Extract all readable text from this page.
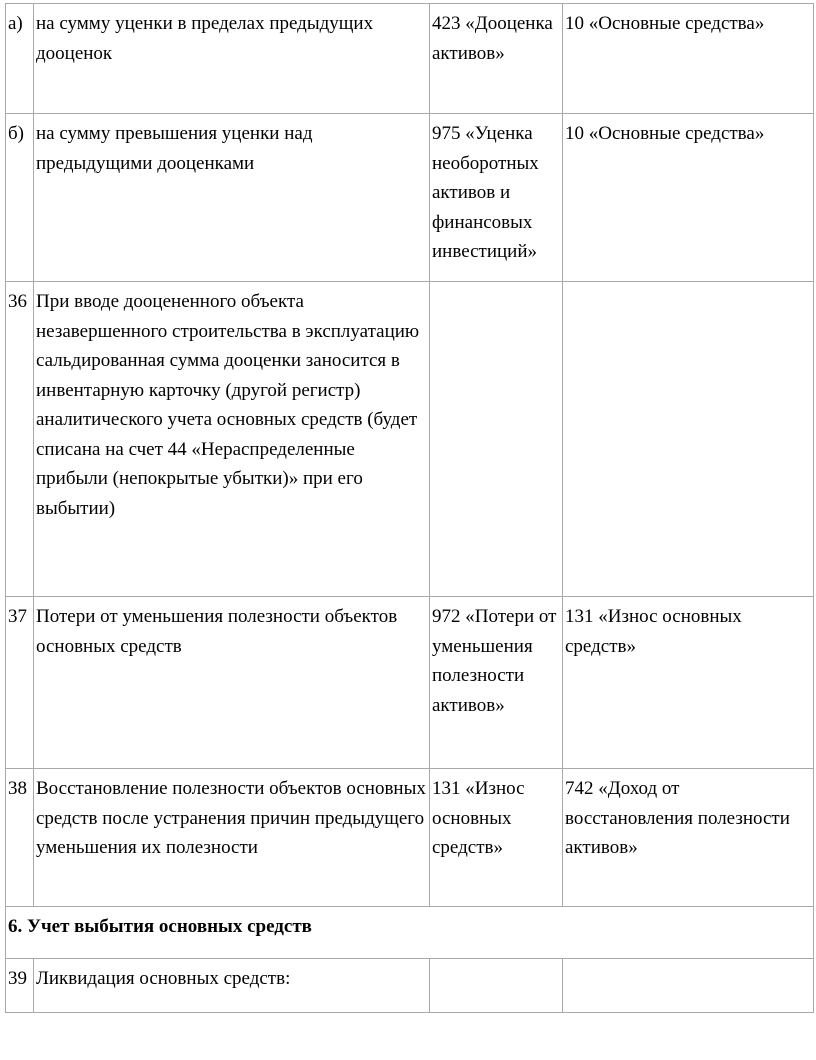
а)	на сумму уценки в пределах предыдущих дооценок	423 «Дооценка активов»	10 «Основные средства»
б)	на сумму превышения уценки над предыдущими дооценками	975 «Уценка необоротных активов и финансовых инвестиций»	10 «Основные средства»
36	При вводе дооцененного объекта незавершенного строительства в эксплуатацию сальдированная сумма дооценки заносится в инвентарную карточку (другой регистр) аналитического учета основных средств (будет списана на счет 44 «Нераспределенные прибыли (непокрытые убытки)» при его выбытии)		
37	Потери от уменьшения полезности объектов основных средств	972 «Потери от уменьшения полезности активов»	131 «Износ основных средств»
38	Восстановление полезности объектов основных средств после устранения причин предыдущего уменьшения их полезности	131 «Износ основных средств»	742 «Доход от восстановления полезности активов»
6. Учет выбытия основных средств			
39	Ликвидация основных средств:		
